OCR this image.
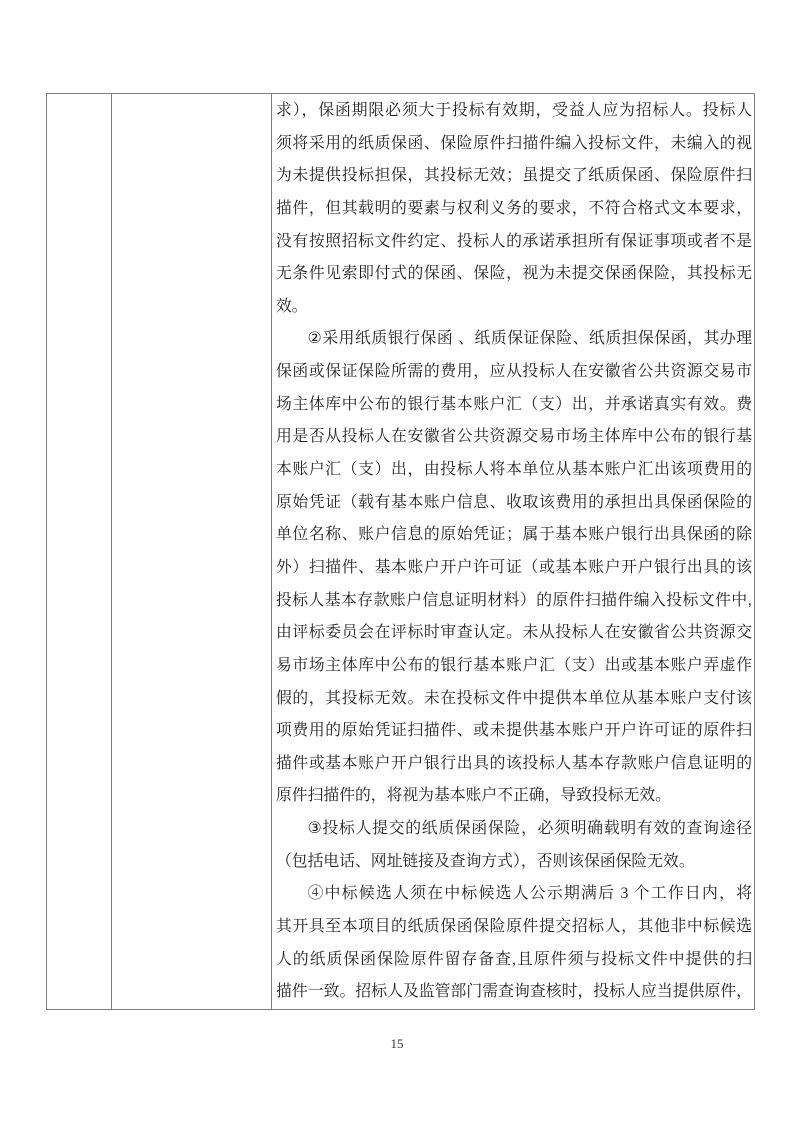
求），保函期限必须大于投标有效期，受益人应为招标人。投标人
须将采用的纸质保函、保险原件扫描件编入投标文件，未编入的视
为未提供投标担保，其投标无效；虽提交了纸质保函、保险原件扫
描件，但其载明的要素与权利义务的要求，不符合格式文本要求，
没有按照招标文件约定、投标人的承诺承担所有保证事项或者不是
无条件见索即付式的保函、保险，视为未提交保函保险，其投标无
效。
②采用纸质银行保函 、纸质保证保险、纸质担保保函，其办理
保函或保证保险所需的费用，应从投标人在安徽省公共资源交易市
场主体库中公布的银行基本账户汇（支）出，并承诺真实有效。费
用是否从投标人在安徽省公共资源交易市场主体库中公布的银行基
本账户汇（支）出，由投标人将本单位从基本账户汇出该项费用的
原始凭证（载有基本账户信息、收取该费用的承担出具保函保险的
单位名称、账户信息的原始凭证；属于基本账户银行出具保函的除
外）扫描件、基本账户开户许可证（或基本账户开户银行出具的该
投标人基本存款账户信息证明材料）的原件扫描件编入投标文件中,
由评标委员会在评标时审查认定。未从投标人在安徽省公共资源交
易市场主体库中公布的银行基本账户汇（支）出或基本账户弄虚作
假的，其投标无效。未在投标文件中提供本单位从基本账户支付该
项费用的原始凭证扫描件、或未提供基本账户开户许可证的原件扫
描件或基本账户开户银行出具的该投标人基本存款账户信息证明的
原件扫描件的，将视为基本账户不正确，导致投标无效。
③投标人提交的纸质保函保险，必须明确载明有效的查询途径
（包括电话、网址链接及查询方式），否则该保函保险无效。
④中标候选人须在中标候选人公示期满后 3 个工作日内，将
其开具至本项目的纸质保函保险原件提交招标人，其他非中标候选
人的纸质保函保险原件留存备查,且原件须与投标文件中提供的扫
描件一致。招标人及监管部门需查询查核时，投标人应当提供原件，
15
